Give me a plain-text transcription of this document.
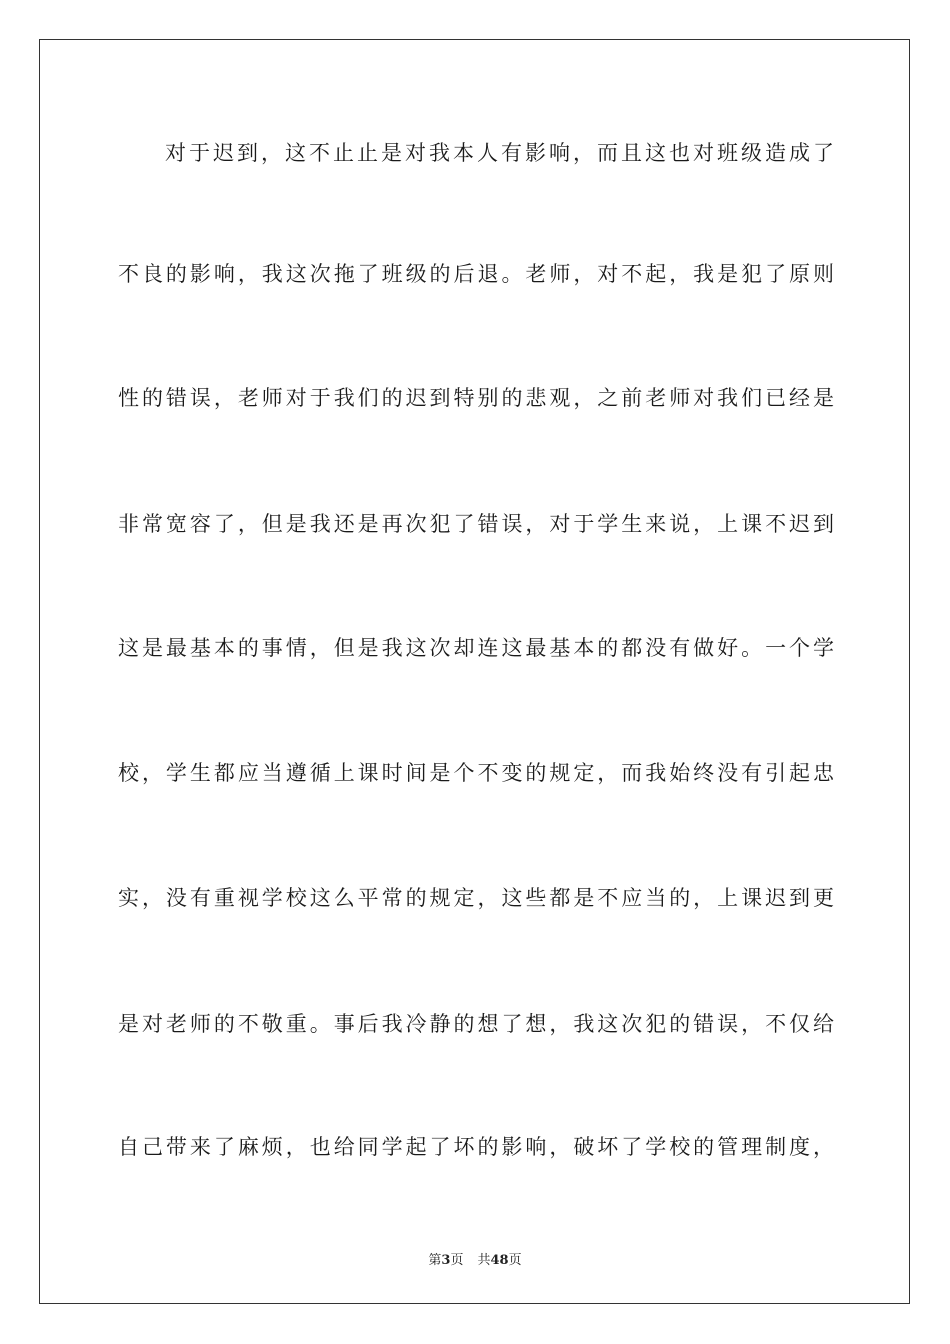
对于迟到，这不止止是对我本人有影响，而且这也对班级造成了
不良的影响，我这次拖了班级的后退。老师，对不起，我是犯了原则
性的错误，老师对于我们的迟到特别的悲观，之前老师对我们已经是
非常宽容了，但是我还是再次犯了错误，对于学生来说，上课不迟到
这是最基本的事情，但是我这次却连这最基本的都没有做好。一个学
校，学生都应当遵循上课时间是个不变的规定，而我始终没有引起忠
实，没有重视学校这么平常的规定，这些都是不应当的，上课迟到更
是对老师的不敬重。事后我冷静的想了想，我这次犯的错误，不仅给
自己带来了麻烦，也给同学起了坏的影响，破坏了学校的管理制度，
第3页 共48页
